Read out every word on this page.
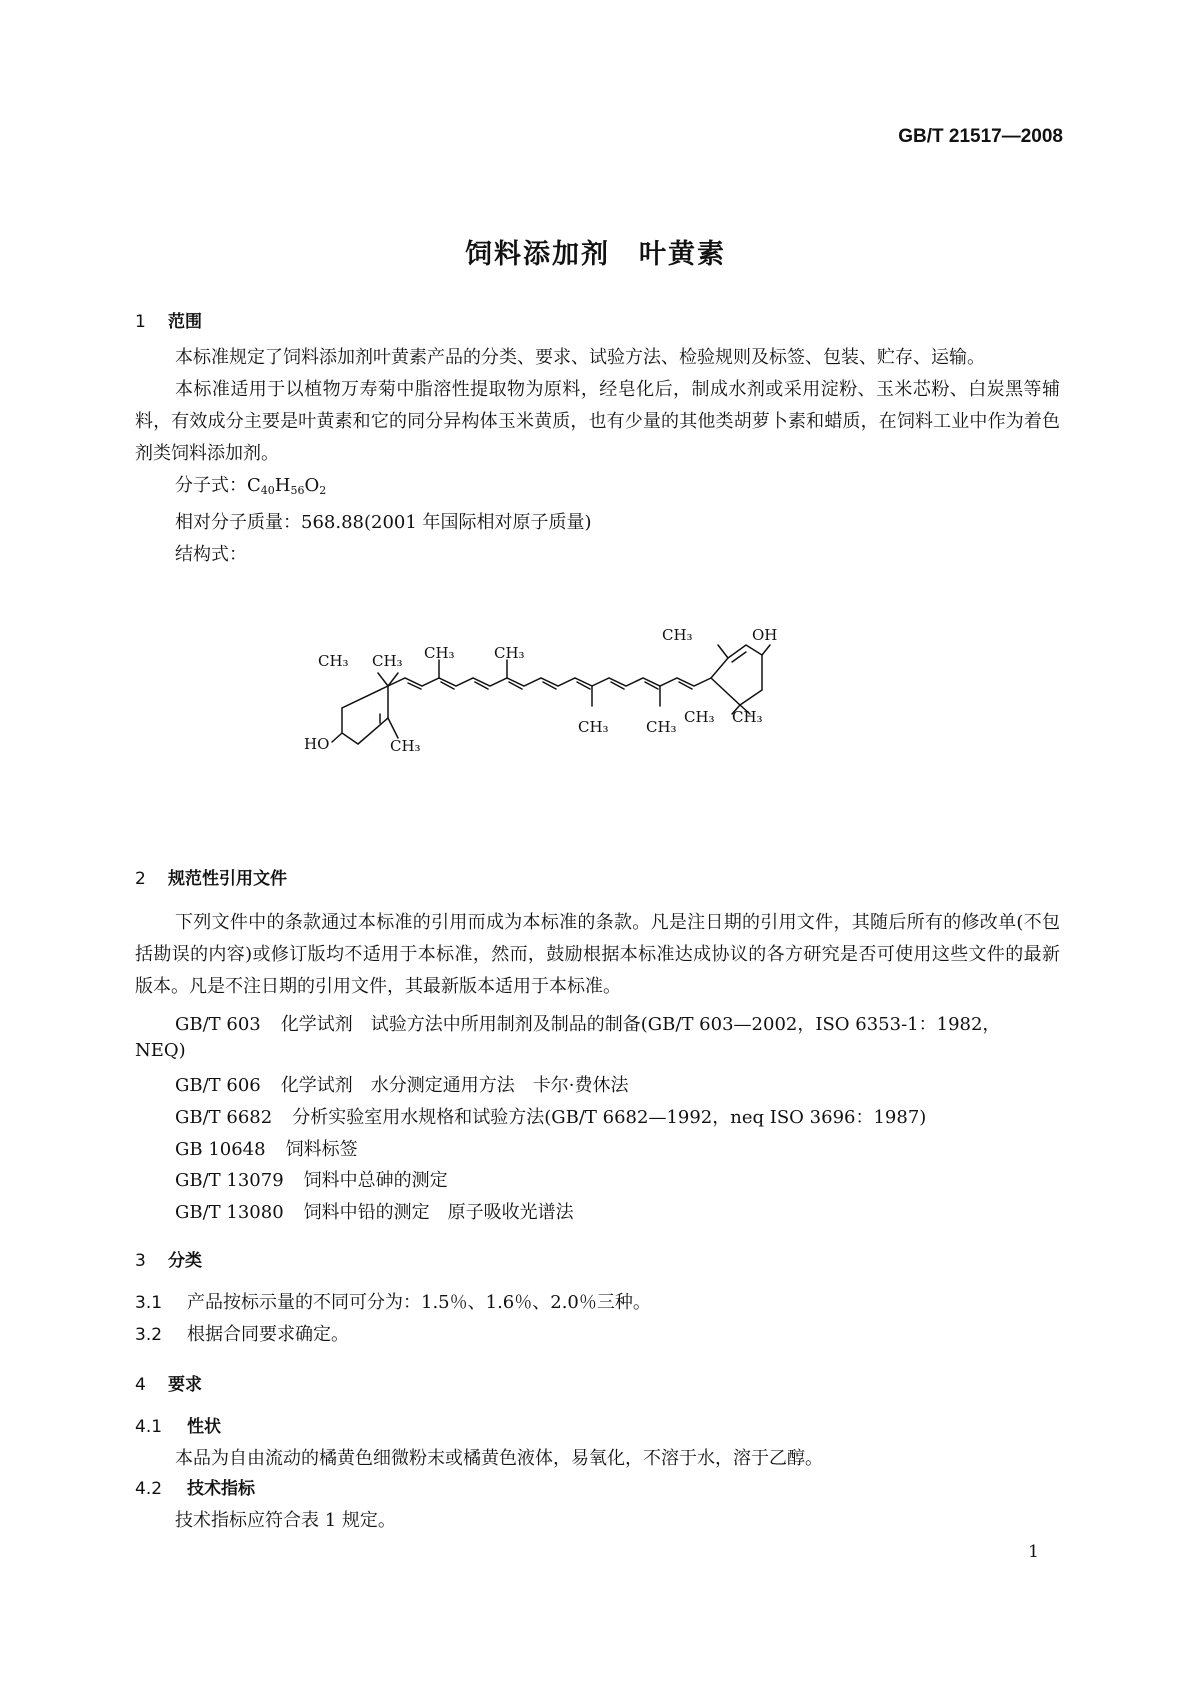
GB/T 21517—2008
饲料添加剂　叶黄素
1 范围
本标准规定了饲料添加剂叶黄素产品的分类、要求、试验方法、检验规则及标签、包装、贮存、运输。
本标准适用于以植物万寿菊中脂溶性提取物为原料，经皂化后，制成水剂或采用淀粉、玉米芯粉、白炭黑等辅料，有效成分主要是叶黄素和它的同分异构体玉米黄质，也有少量的其他类胡萝卜素和蜡质，在饲料工业中作为着色剂类饲料添加剂。
分子式：$C_{40}H_{56}O_2$
相对分子质量：568.88(2001 年国际相对原子质量)
结构式：
CH₃ CH₃
HO	CH₃
CH₃	CH₃
CH₃ CH₃
CH₃	OH
CH₃ CH₃
2 规范性引用文件
下列文件中的条款通过本标准的引用而成为本标准的条款。凡是注日期的引用文件，其随后所有的修改单(不包括勘误的内容)或修订版均不适用于本标准，然而，鼓励根据本标准达成协议的各方研究是否可使用这些文件的最新版本。凡是不注日期的引用文件，其最新版本适用于本标准。
GB/T 603 化学试剂　试验方法中所用制剂及制品的制备(GB/T 603—2002，ISO 6353-1：1982，
NEQ)
GB/T 606 化学试剂　水分测定通用方法　卡尔·费休法
GB/T 6682 分析实验室用水规格和试验方法(GB/T 6682—1992，neq ISO 3696：1987)
GB 10648 饲料标签
GB/T 13079 饲料中总砷的测定
GB/T 13080 饲料中铅的测定　原子吸收光谱法
3 分类
3.1 产品按标示量的不同可分为：1.5％、1.6％、2.0％三种。
3.2 根据合同要求确定。
4 要求
4.1 性状
本品为自由流动的橘黄色细微粉末或橘黄色液体，易氧化，不溶于水，溶于乙醇。
4.2 技术指标
技术指标应符合表 1 规定。
1
